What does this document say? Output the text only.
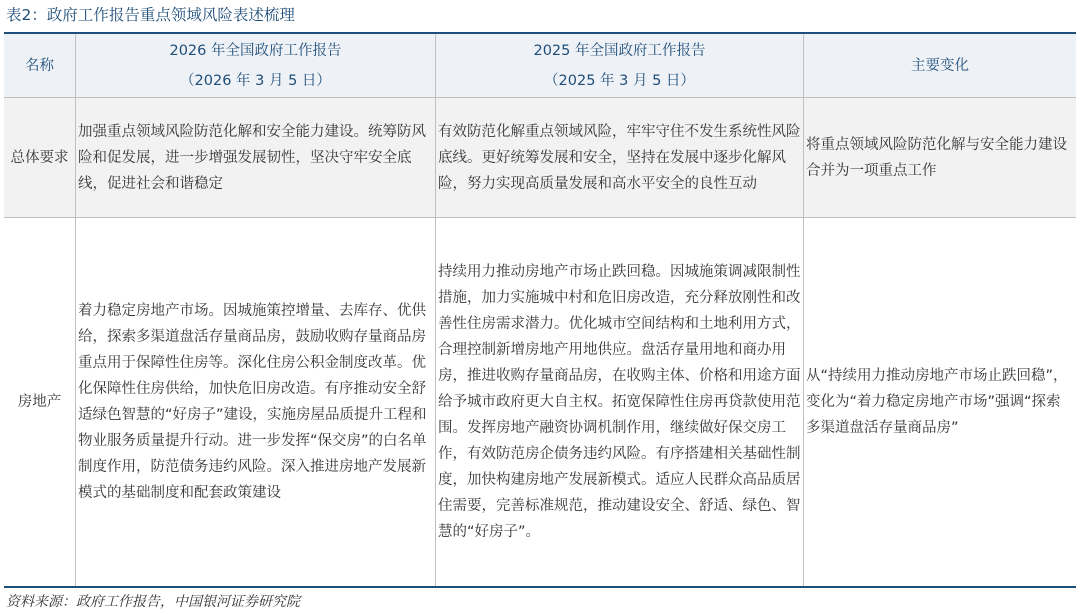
表2：政府工作报告重点领域风险表述梳理
名称
2026 年全国政府工作报告
（2026 年 3 月 5 日）
2025 年全国政府工作报告
（2025 年 3 月 5 日）
主要变化
总体要求
加强重点领域风险防范化解和安全能力建设。统筹防风险和促发展，进一步增强发展韧性，坚决守牢安全底线，促进社会和谐稳定
有效防范化解重点领域风险，牢牢守住不发生系统性风险底线。更好统筹发展和安全，坚持在发展中逐步化解风险，努力实现高质量发展和高水平安全的良性互动
将重点领域风险防范化解与安全能力建设合并为一项重点工作
房地产
着力稳定房地产市场。因城施策控增量、去库存、优供给，探索多渠道盘活存量商品房，鼓励收购存量商品房重点用于保障性住房等。深化住房公积金制度改革。优化保障性住房供给，加快危旧房改造。有序推动安全舒适绿色智慧的“好房子”建设，实施房屋品质提升工程和物业服务质量提升行动。进一步发挥“保交房”的白名单制度作用，防范债务违约风险。深入推进房地产发展新模式的基础制度和配套政策建设
持续用力推动房地产市场止跌回稳。因城施策调减限制性措施，加力实施城中村和危旧房改造，充分释放刚性和改善性住房需求潜力。优化城市空间结构和土地利用方式，合理控制新增房地产用地供应。盘活存量用地和商办用房，推进收购存量商品房，在收购主体、价格和用途方面给予城市政府更大自主权。拓宽保障性住房再贷款使用范围。发挥房地产融资协调机制作用，继续做好保交房工作，有效防范房企债务违约风险。有序搭建相关基础性制度，加快构建房地产发展新模式。适应人民群众高品质居住需要，完善标准规范，推动建设安全、舒适、绿色、智慧的“好房子”。
从“持续用力推动房地产市场止跌回稳”，变化为“着力稳定房地产市场”强调“探索多渠道盘活存量商品房”
资料来源：政府工作报告，中国银河证券研究院
